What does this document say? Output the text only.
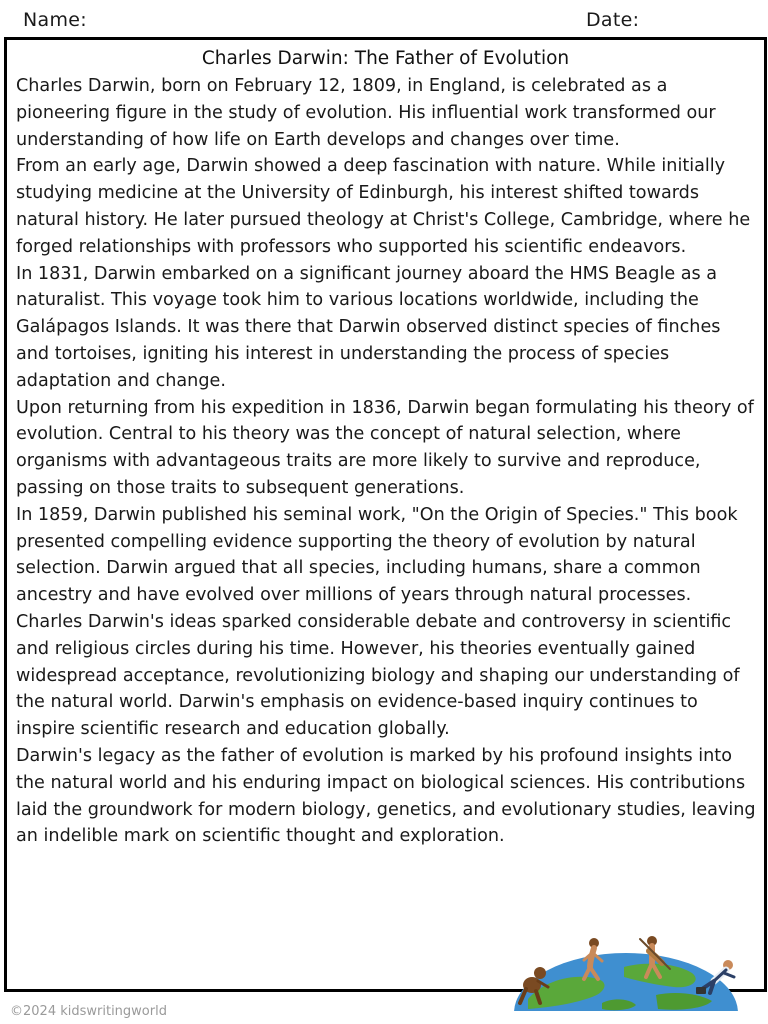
Name:	Date:
Charles Darwin: The Father of Evolution

Charles Darwin, born on February 12, 1809, in England, is celebrated as a pioneering figure in the study of evolution. His influential work transformed our understanding of how life on Earth develops and changes over time.

From an early age, Darwin showed a deep fascination with nature. While initially studying medicine at the University of Edinburgh, his interest shifted towards natural history. He later pursued theology at Christ's College, Cambridge, where he forged relationships with professors who supported his scientific endeavors.

In 1831, Darwin embarked on a significant journey aboard the HMS Beagle as a naturalist. This voyage took him to various locations worldwide, including the Galápagos Islands. It was there that Darwin observed distinct species of finches and tortoises, igniting his interest in understanding the process of species adaptation and change.

Upon returning from his expedition in 1836, Darwin began formulating his theory of evolution. Central to his theory was the concept of natural selection, where organisms with advantageous traits are more likely to survive and reproduce, passing on those traits to subsequent generations.

In 1859, Darwin published his seminal work, "On the Origin of Species." This book presented compelling evidence supporting the theory of evolution by natural selection. Darwin argued that all species, including humans, share a common ancestry and have evolved over millions of years through natural processes.

Charles Darwin's ideas sparked considerable debate and controversy in scientific and religious circles during his time. However, his theories eventually gained widespread acceptance, revolutionizing biology and shaping our understanding of the natural world. Darwin's emphasis on evidence-based inquiry continues to inspire scientific research and education globally.

Darwin's legacy as the father of evolution is marked by his profound insights into the natural world and his enduring impact on biological sciences. His contributions laid the groundwork for modern biology, genetics, and evolutionary studies, leaving an indelible mark on scientific thought and exploration.

©2024 kidswritingworld
